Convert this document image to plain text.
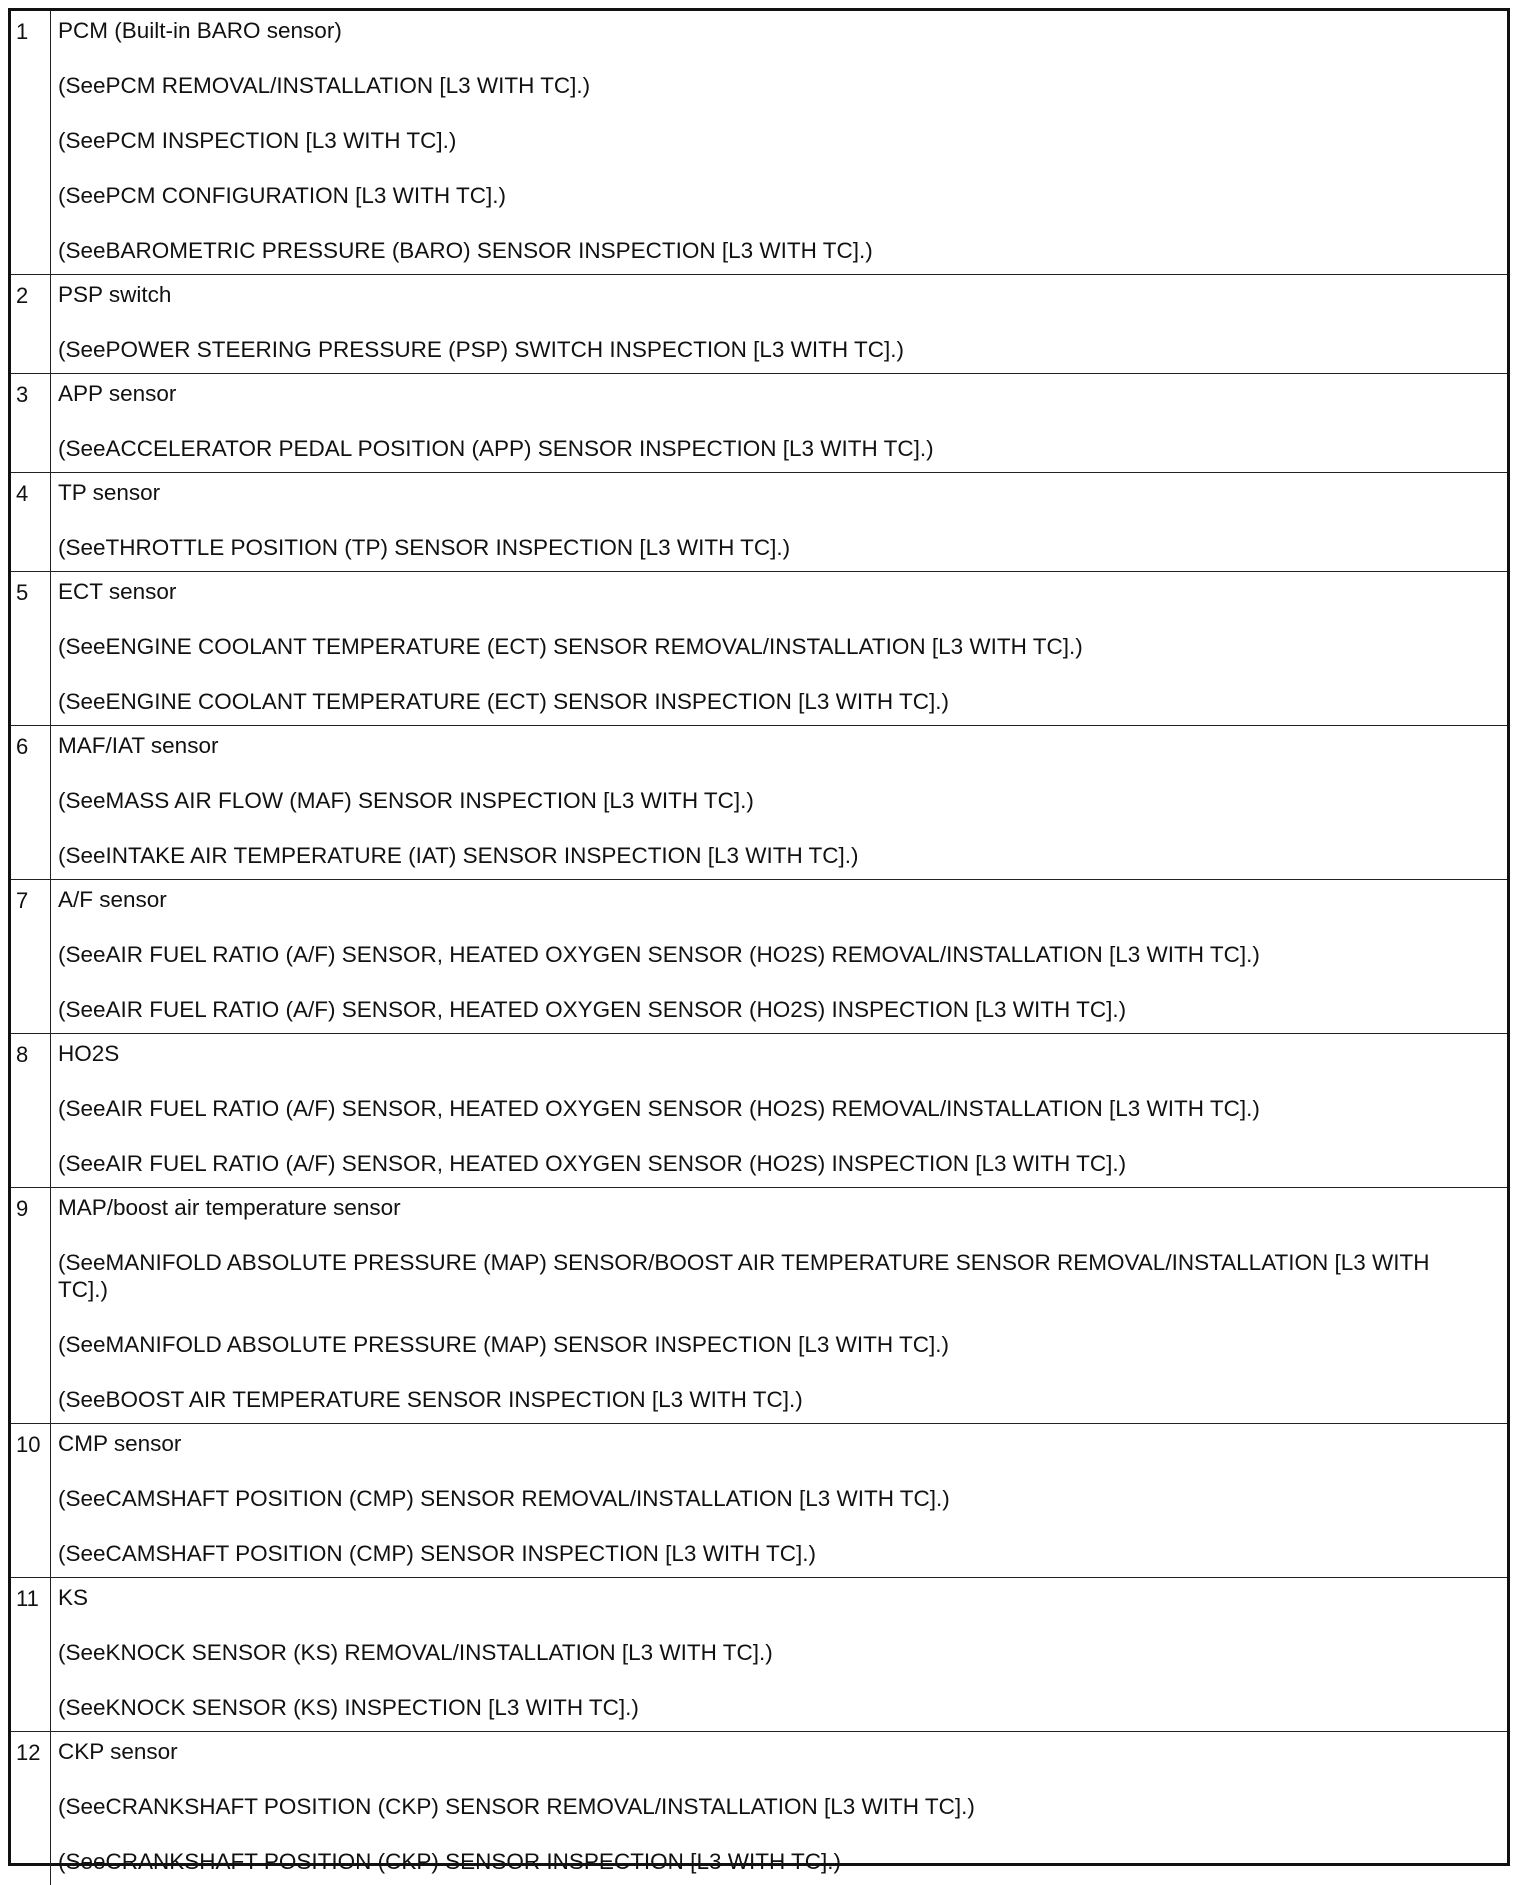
1	PCM (Built-in BARO sensor)

(SeePCM REMOVAL/INSTALLATION [L3 WITH TC].)

(SeePCM INSPECTION [L3 WITH TC].)

(SeePCM CONFIGURATION [L3 WITH TC].)

(SeeBAROMETRIC PRESSURE (BARO) SENSOR INSPECTION [L3 WITH TC].)

2	PSP switch

(SeePOWER STEERING PRESSURE (PSP) SWITCH INSPECTION [L3 WITH TC].)

3	APP sensor

(SeeACCELERATOR PEDAL POSITION (APP) SENSOR INSPECTION [L3 WITH TC].)

4	TP sensor

(SeeTHROTTLE POSITION (TP) SENSOR INSPECTION [L3 WITH TC].)

5	ECT sensor

(SeeENGINE COOLANT TEMPERATURE (ECT) SENSOR REMOVAL/INSTALLATION [L3 WITH TC].)

(SeeENGINE COOLANT TEMPERATURE (ECT) SENSOR INSPECTION [L3 WITH TC].)

6	MAF/IAT sensor

(SeeMASS AIR FLOW (MAF) SENSOR INSPECTION [L3 WITH TC].)

(SeeINTAKE AIR TEMPERATURE (IAT) SENSOR INSPECTION [L3 WITH TC].)

7	A/F sensor

(SeeAIR FUEL RATIO (A/F) SENSOR, HEATED OXYGEN SENSOR (HO2S) REMOVAL/INSTALLATION [L3 WITH TC].)

(SeeAIR FUEL RATIO (A/F) SENSOR, HEATED OXYGEN SENSOR (HO2S) INSPECTION [L3 WITH TC].)

8	HO2S

(SeeAIR FUEL RATIO (A/F) SENSOR, HEATED OXYGEN SENSOR (HO2S) REMOVAL/INSTALLATION [L3 WITH TC].)

(SeeAIR FUEL RATIO (A/F) SENSOR, HEATED OXYGEN SENSOR (HO2S) INSPECTION [L3 WITH TC].)

9	MAP/boost air temperature sensor

(SeeMANIFOLD ABSOLUTE PRESSURE (MAP) SENSOR/BOOST AIR TEMPERATURE SENSOR REMOVAL/INSTALLATION [L3 WITH TC].)

(SeeMANIFOLD ABSOLUTE PRESSURE (MAP) SENSOR INSPECTION [L3 WITH TC].)

(SeeBOOST AIR TEMPERATURE SENSOR INSPECTION [L3 WITH TC].)

10 CMP sensor

(SeeCAMSHAFT POSITION (CMP) SENSOR REMOVAL/INSTALLATION [L3 WITH TC].)

(SeeCAMSHAFT POSITION (CMP) SENSOR INSPECTION [L3 WITH TC].)

11 KS

(SeeKNOCK SENSOR (KS) REMOVAL/INSTALLATION [L3 WITH TC].)

(SeeKNOCK SENSOR (KS) INSPECTION [L3 WITH TC].)

12 CKP sensor

(SeeCRANKSHAFT POSITION (CKP) SENSOR REMOVAL/INSTALLATION [L3 WITH TC].)

(SeeCRANKSHAFT POSITION (CKP) SENSOR INSPECTION [L3 WITH TC].)
